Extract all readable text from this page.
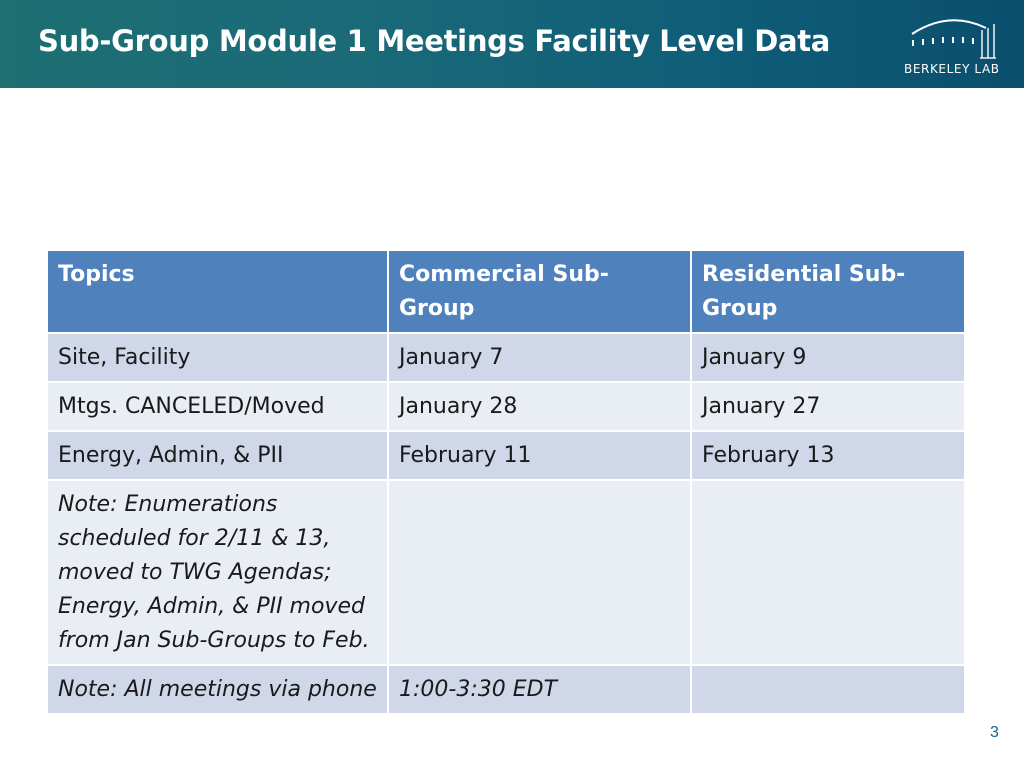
Sub-Group Module 1 Meetings Facility Level Data
BERKELEY LAB
Topics	Commercial Sub-Group	Residential Sub-Group
Site, Facility	January 7	January 9
Mtgs. CANCELED/Moved	January 28	January 27
Energy, Admin, & PII	February 11	February 13
Note: Enumerations scheduled for 2/11 & 13, moved to TWG Agendas; Energy, Admin, & PII moved from Jan Sub-Groups to Feb.		
Note: All meetings via phone	1:00-3:30 EDT	
3
